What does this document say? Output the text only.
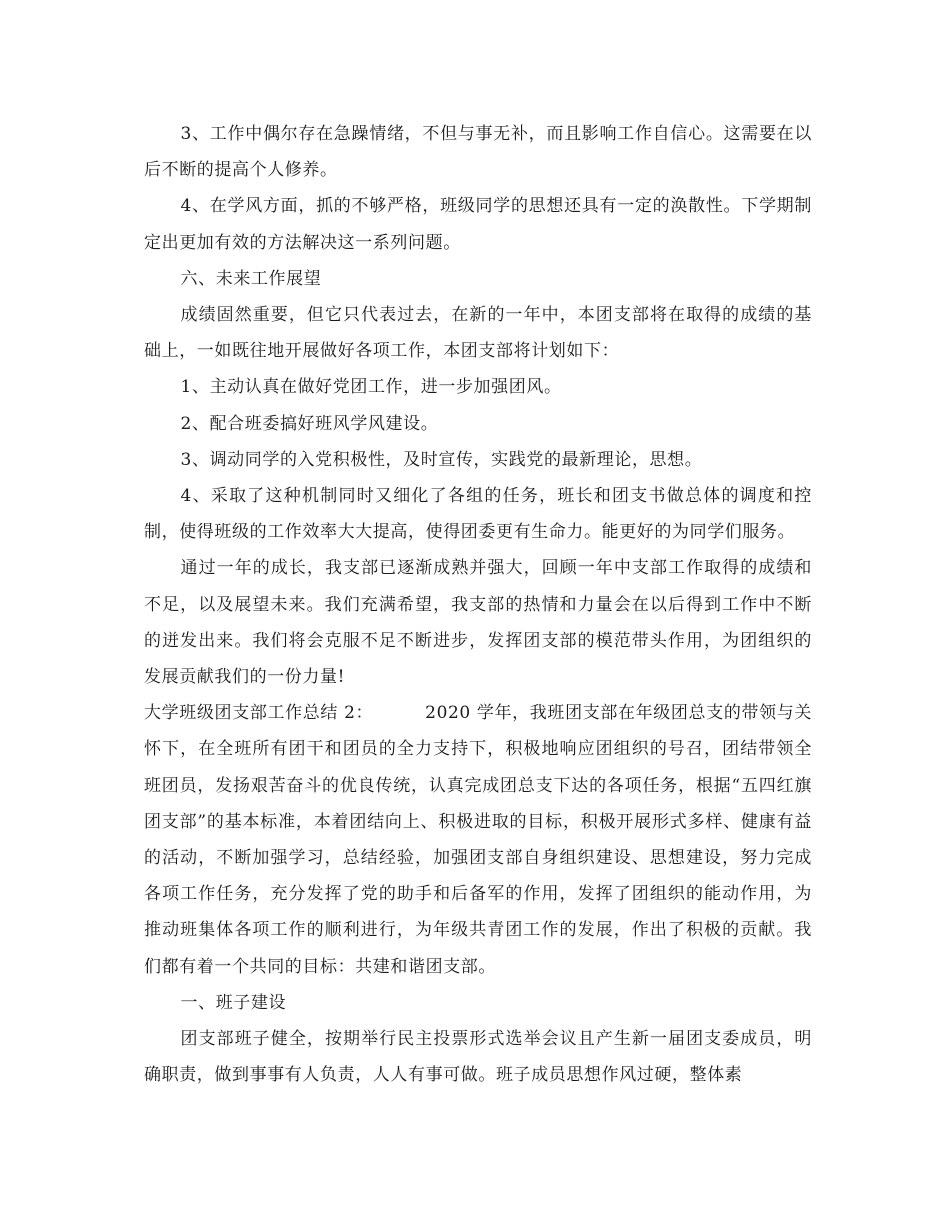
3、工作中偶尔存在急躁情绪，不但与事无补，而且影响工作自信心。这需要在以后不断的提高个人修养。

4、在学风方面，抓的不够严格，班级同学的思想还具有一定的涣散性。下学期制定出更加有效的方法解决这一系列问题。

六、未来工作展望

成绩固然重要，但它只代表过去，在新的一年中，本团支部将在取得的成绩的基础上，一如既往地开展做好各项工作，本团支部将计划如下：

1、主动认真在做好党团工作，进一步加强团风。

2、配合班委搞好班风学风建设。

3、调动同学的入党积极性，及时宣传，实践党的最新理论，思想。

4、采取了这种机制同时又细化了各组的任务，班长和团支书做总体的调度和控制，使得班级的工作效率大大提高，使得团委更有生命力。能更好的为同学们服务。

通过一年的成长，我支部已逐渐成熟并强大，回顾一年中支部工作取得的成绩和不足，以及展望未来。我们充满希望，我支部的热情和力量会在以后得到工作中不断的迸发出来。我们将会克服不足不断进步，发挥团支部的模范带头作用，为团组织的发展贡献我们的一份力量!

大学班级团支部工作总结 2：	2020 学年，我班团支部在年级团总支的带领与关怀下，在全班所有团干和团员的全力支持下，积极地响应团组织的号召，团结带领全班团员，发扬艰苦奋斗的优良传统，认真完成团总支下达的各项任务，根据“五四红旗团支部”的基本标准，本着团结向上、积极进取的目标，积极开展形式多样、健康有益的活动，不断加强学习，总结经验，加强团支部自身组织建设、思想建设，努力完成各项工作任务，充分发挥了党的助手和后备军的作用，发挥了团组织的能动作用，为推动班集体各项工作的顺利进行，为年级共青团工作的发展，作出了积极的贡献。我们都有着一个共同的目标：共建和谐团支部。

一、班子建设

团支部班子健全，按期举行民主投票形式选举会议且产生新一届团支委成员，明确职责，做到事事有人负责，人人有事可做。班子成员思想作风过硬，整体素
